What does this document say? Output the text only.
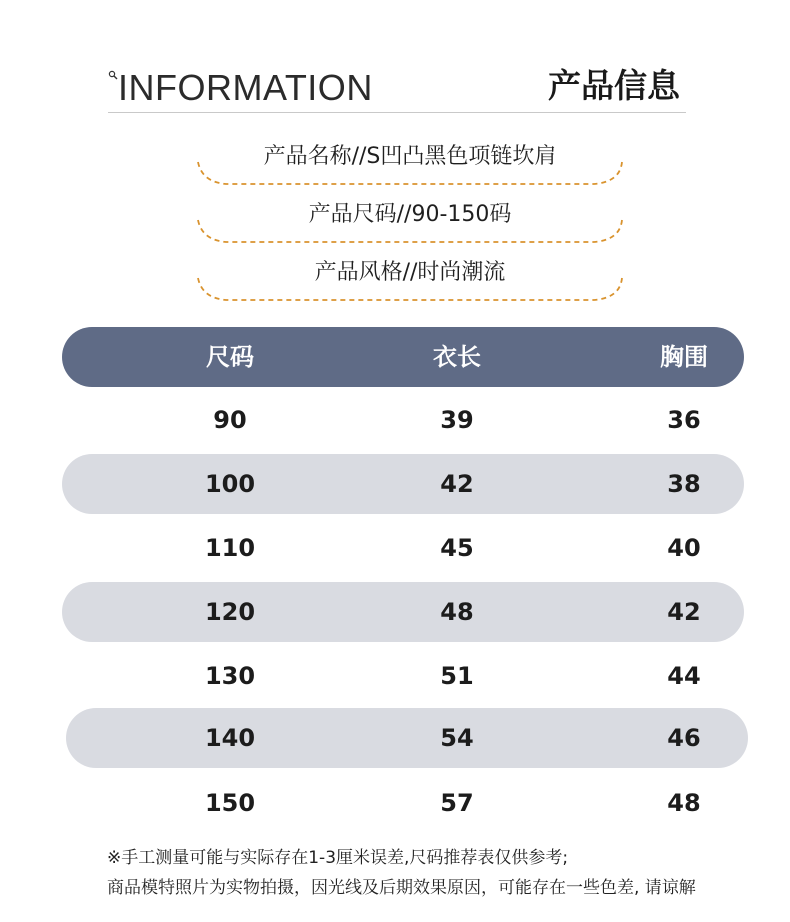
INFORMATION	产品信息
产品名称//S凹凸黑色项链坎肩
产品尺码//90-150码
产品风格//时尚潮流
尺码	衣长	胸围
90	39	36
100	42	38
110	45	40
120	48	42
130	51	44
140	54	46
150	57	48
※手工测量可能与实际存在1-3厘米误差,尺码推荐表仅供参考;
商品模特照片为实物拍摄，因光线及后期效果原因，可能存在一些色差, 请谅解
